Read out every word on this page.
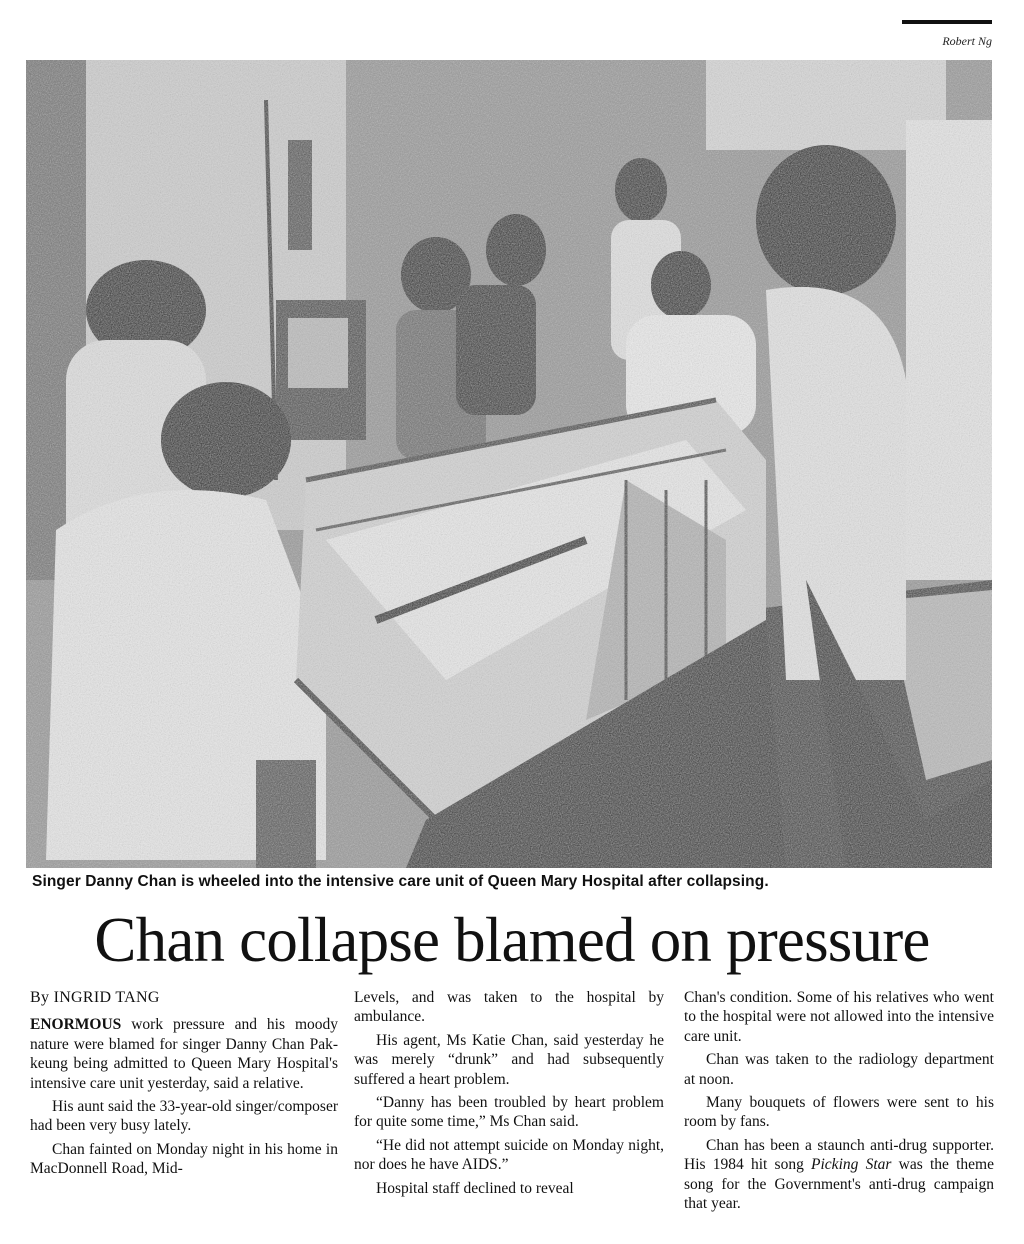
Robert Ng
Singer Danny Chan is wheeled into the intensive care unit of Queen Mary Hospital after collapsing.
Chan collapse blamed on pressure
By INGRID TANG

ENORMOUS work pressure and his moody nature were blamed for singer Danny Chan Pak-keung being admitted to Queen Mary Hospital's intensive care unit yesterday, said a relative.

His aunt said the 33-year-old singer/composer had been very busy lately.

Chan fainted on Monday night in his home in MacDonnell Road, Mid-

Levels, and was taken to the hospital by ambulance.

His agent, Ms Katie Chan, said yesterday he was merely “drunk” and had subsequently suffered a heart problem.

“Danny has been troubled by heart problem for quite some time,” Ms Chan said.

“He did not attempt suicide on Monday night, nor does he have AIDS.”

Hospital staff declined to reveal

Chan's condition. Some of his relatives who went to the hospital were not allowed into the intensive care unit.

Chan was taken to the radiology department at noon.

Many bouquets of flowers were sent to his room by fans.

Chan has been a staunch anti-drug supporter. His 1984 hit song Picking Star was the theme song for the Government's anti-drug campaign that year.
